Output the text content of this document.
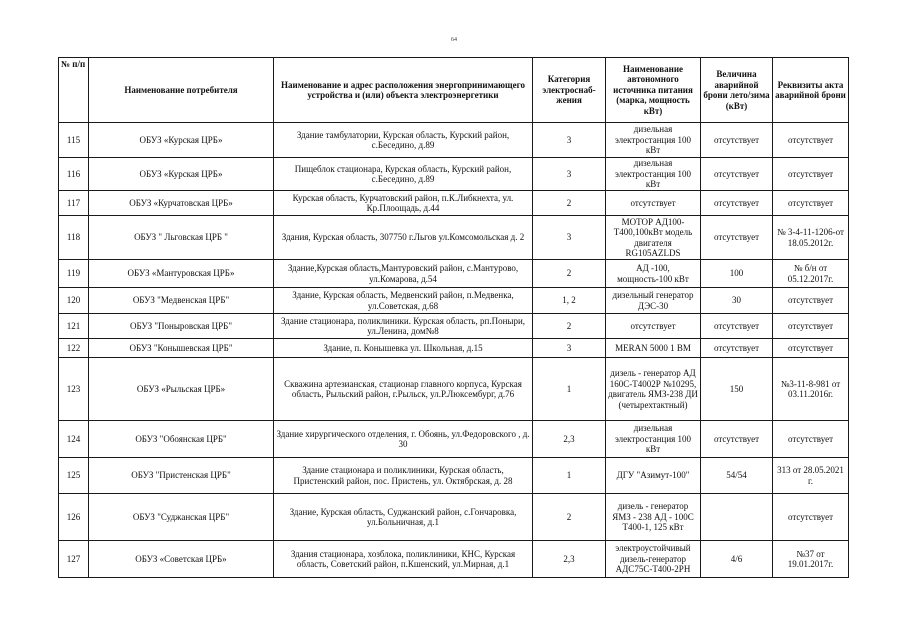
64
№ п/п	Наименование потребителя	Наименование и адрес расположения энергопринимающего устройства и (или) объекта электроэнергетики	Категория электроснаб-жения	Наименование автономного источника питания (марка, мощность кВт)	Величина аварийной брони лето/зима (кВт)	Реквизиты акта аварийной брони
115	ОБУЗ «Курская ЦРБ»	Здание тамбулатории, Курская область, Курский район, с.Беседино, д.89	3	дизельная электростанция 100 кВт	отсутствует	отсутствует
116	ОБУЗ «Курская ЦРБ»	Пищеблок стационара, Курская область, Курский район, с.Беседино, д.89	3	дизельная электростанция 100 кВт	отсутствует	отсутствует
117	ОБУЗ «Курчатовская ЦРБ»	Курская область, Курчатовский район, п.К.Либкнехта, ул. Кр.Плоощадь, д.44	2	отсутствует	отсутствует	отсутствует
118	ОБУЗ " Льговская ЦРБ "	Здания, Курская область, 307750 г.Льгов ул.Комсомольская д. 2	3	МОТОР АД100-Т400,100кВт модель двигателя RG105AZLDS	отсутствует	№ 3-4-11-1206-от 18.05.2012г.
119	ОБУЗ «Мантуровская ЦРБ»	Здание,Курская область,Мантуровский район, с.Мантурово, ул.Комарова, д.54	2	АД -100, мощность-100 кВт	100	№ б/н от 05.12.2017г.
120	ОБУЗ "Медвенская ЦРБ"	Здание, Курская область, Медвенский район, п.Медвенка, ул.Советская, д.68	1, 2	дизельный генератор ДЭС-30	30	отсутствует
121	ОБУЗ "Поныровская ЦРБ"	Здание стационара, поликлиники. Курская область, рп.Поныри, ул.Ленина, дом№8	2	отсутствует	отсутствует	отсутствует
122	ОБУЗ "Конышевская ЦРБ"	Здание, п. Конышевка ул. Школьная, д.15	3	MERAN 5000 1 BM	отсутствует	отсутствует
123	ОБУЗ «Рыльская ЦРБ»	Скважина артезианская, стационар главного корпуса, Курская область, Рыльский район, г.Рыльск, ул.Р.Люксембург, д.76	1	дизель - генератор АД 160С-Т4002Р №10295, двигатель ЯМЗ-238 ДИ (четырехтактный)	150	№3-11-8-981 от 03.11.2016г.
124	ОБУЗ "Обоянская ЦРБ"	Здание хирургического отделения, г. Обоянь, ул.Федоровского , д. 30	2,3	дизельная электростанция 100 кВт	отсутствует	отсутствует
125	ОБУЗ "Пристенская ЦРБ"	Здание стационара и поликлиники, Курская область, Пристенский район, пос. Пристень, ул. Октябрская, д. 28	1	ДГУ "Азимут-100"	54/54	313 от 28.05.2021 г.
126	ОБУЗ "Суджанская ЦРБ"	Здание, Курская область, Суджанский район, с.Гончаровка, ул.Больничная, д.1	2	дизель - генератор ЯМЗ - 238 АД - 100С Т400-1, 125 кВт		отсутствует
127	ОБУЗ «Советская ЦРБ»	Здания стационара, хозблока, поликлиники, КНС, Курская область, Советский район, п.Кшенский, ул.Мирная, д.1	2,3	электроустойчивый дизель-генератор АДС75С-Т400-2РН	4/6	№37 от 19.01.2017г.
